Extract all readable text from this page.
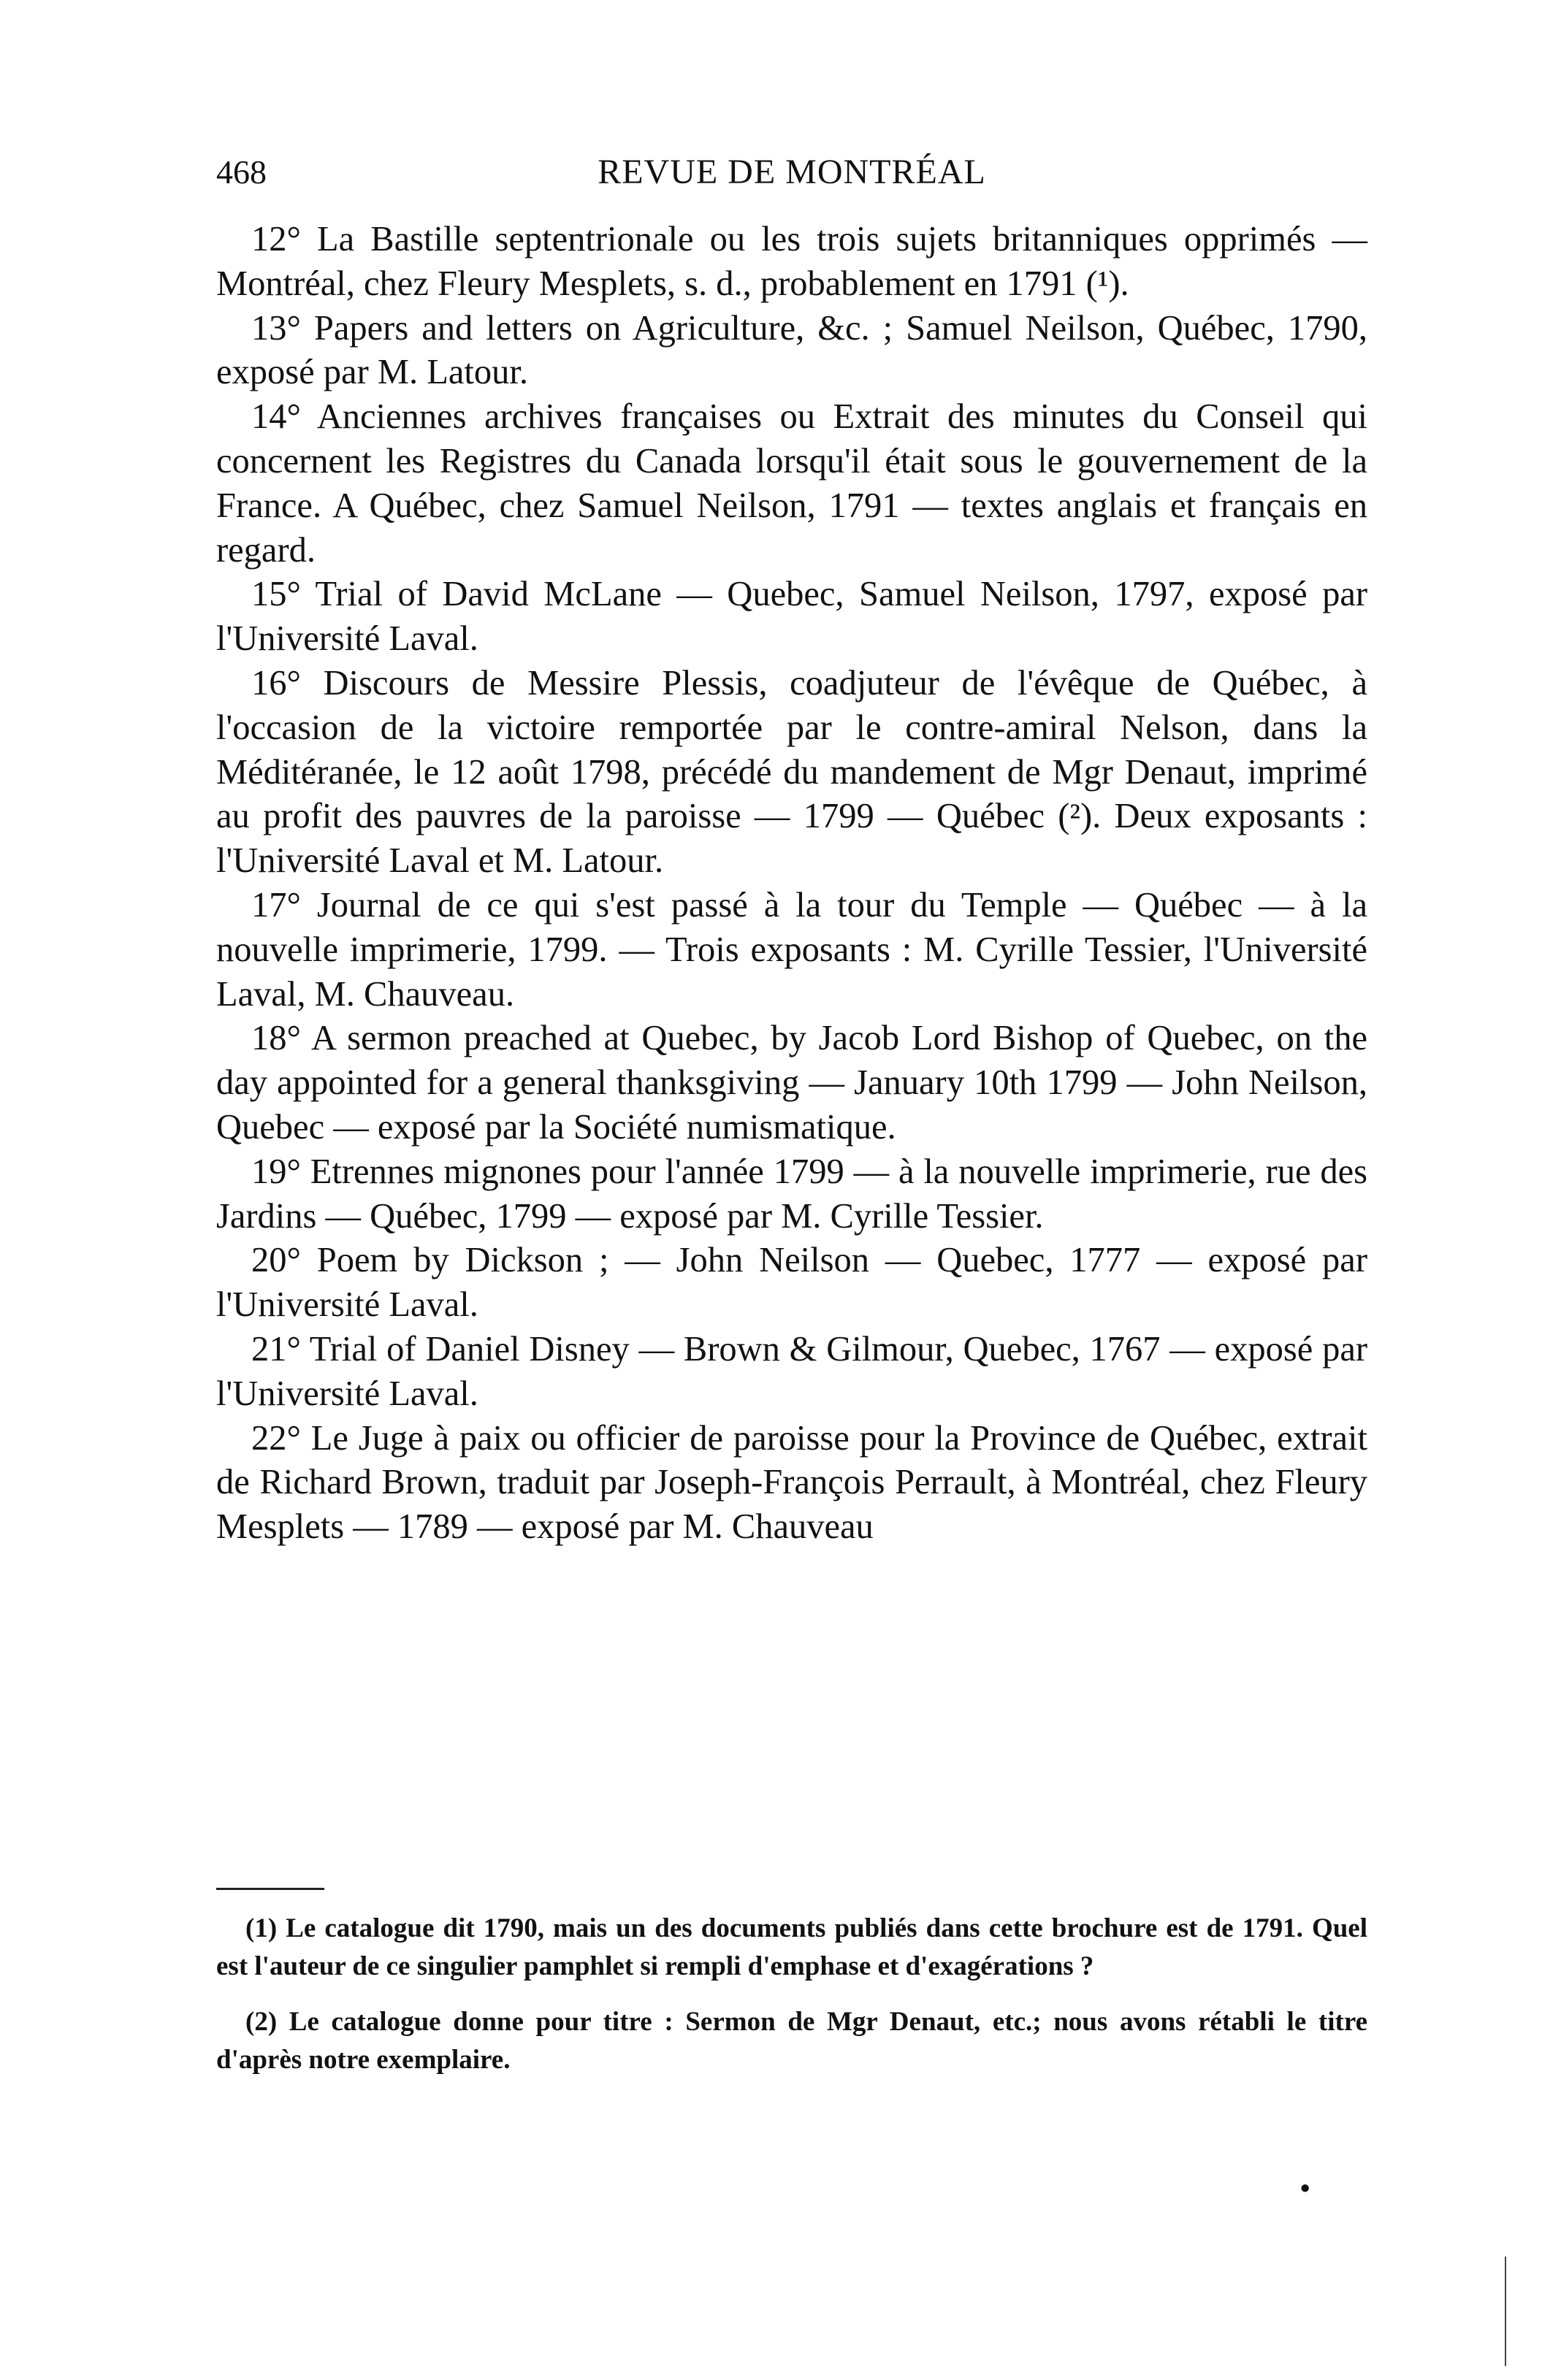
468	REVUE DE MONTRÉAL

12° La Bastille septentrionale ou les trois sujets britanniques opprimés — Montréal, chez Fleury Mesplets, s. d., probablement en 1791 (¹).

13° Papers and letters on Agriculture, &c. ; Samuel Neilson, Québec, 1790, exposé par M. Latour.

14° Anciennes archives françaises ou Extrait des minutes du Conseil qui concernent les Registres du Canada lorsqu'il était sous le gouvernement de la France. A Québec, chez Samuel Neilson, 1791 — textes anglais et français en regard.

15° Trial of David McLane — Quebec, Samuel Neilson, 1797, exposé par l'Université Laval.

16° Discours de Messire Plessis, coadjuteur de l'évêque de Québec, à l'occasion de la victoire remportée par le contre-amiral Nelson, dans la Méditéranée, le 12 août 1798, précédé du mandement de Mgr Denaut, imprimé au profit des pauvres de la paroisse — 1799 — Québec (²). Deux exposants : l'Université Laval et M. Latour.

17° Journal de ce qui s'est passé à la tour du Temple — Québec — à la nouvelle imprimerie, 1799. — Trois exposants : M. Cyrille Tessier, l'Université Laval, M. Chauveau.

18° A sermon preached at Quebec, by Jacob Lord Bishop of Quebec, on the day appointed for a general thanksgiving — January 10th 1799 — John Neilson, Quebec — exposé par la Société numismatique.

19° Etrennes mignones pour l'année 1799 — à la nouvelle imprimerie, rue des Jardins — Québec, 1799 — exposé par M. Cyrille Tessier.

20° Poem by Dickson ; — John Neilson — Quebec, 1777 — exposé par l'Université Laval.

21° Trial of Daniel Disney — Brown & Gilmour, Quebec, 1767 — exposé par l'Université Laval.

22° Le Juge à paix ou officier de paroisse pour la Province de Québec, extrait de Richard Brown, traduit par Joseph-François Perrault, à Montréal, chez Fleury Mesplets — 1789 — exposé par M. Chauveau

(1) Le catalogue dit 1790, mais un des documents publiés dans cette brochure est de 1791. Quel est l'auteur de ce singulier pamphlet si rempli d'emphase et d'exagérations ?

(2) Le catalogue donne pour titre : Sermon de Mgr Denaut, etc.; nous avons rétabli le titre d'après notre exemplaire.

•
